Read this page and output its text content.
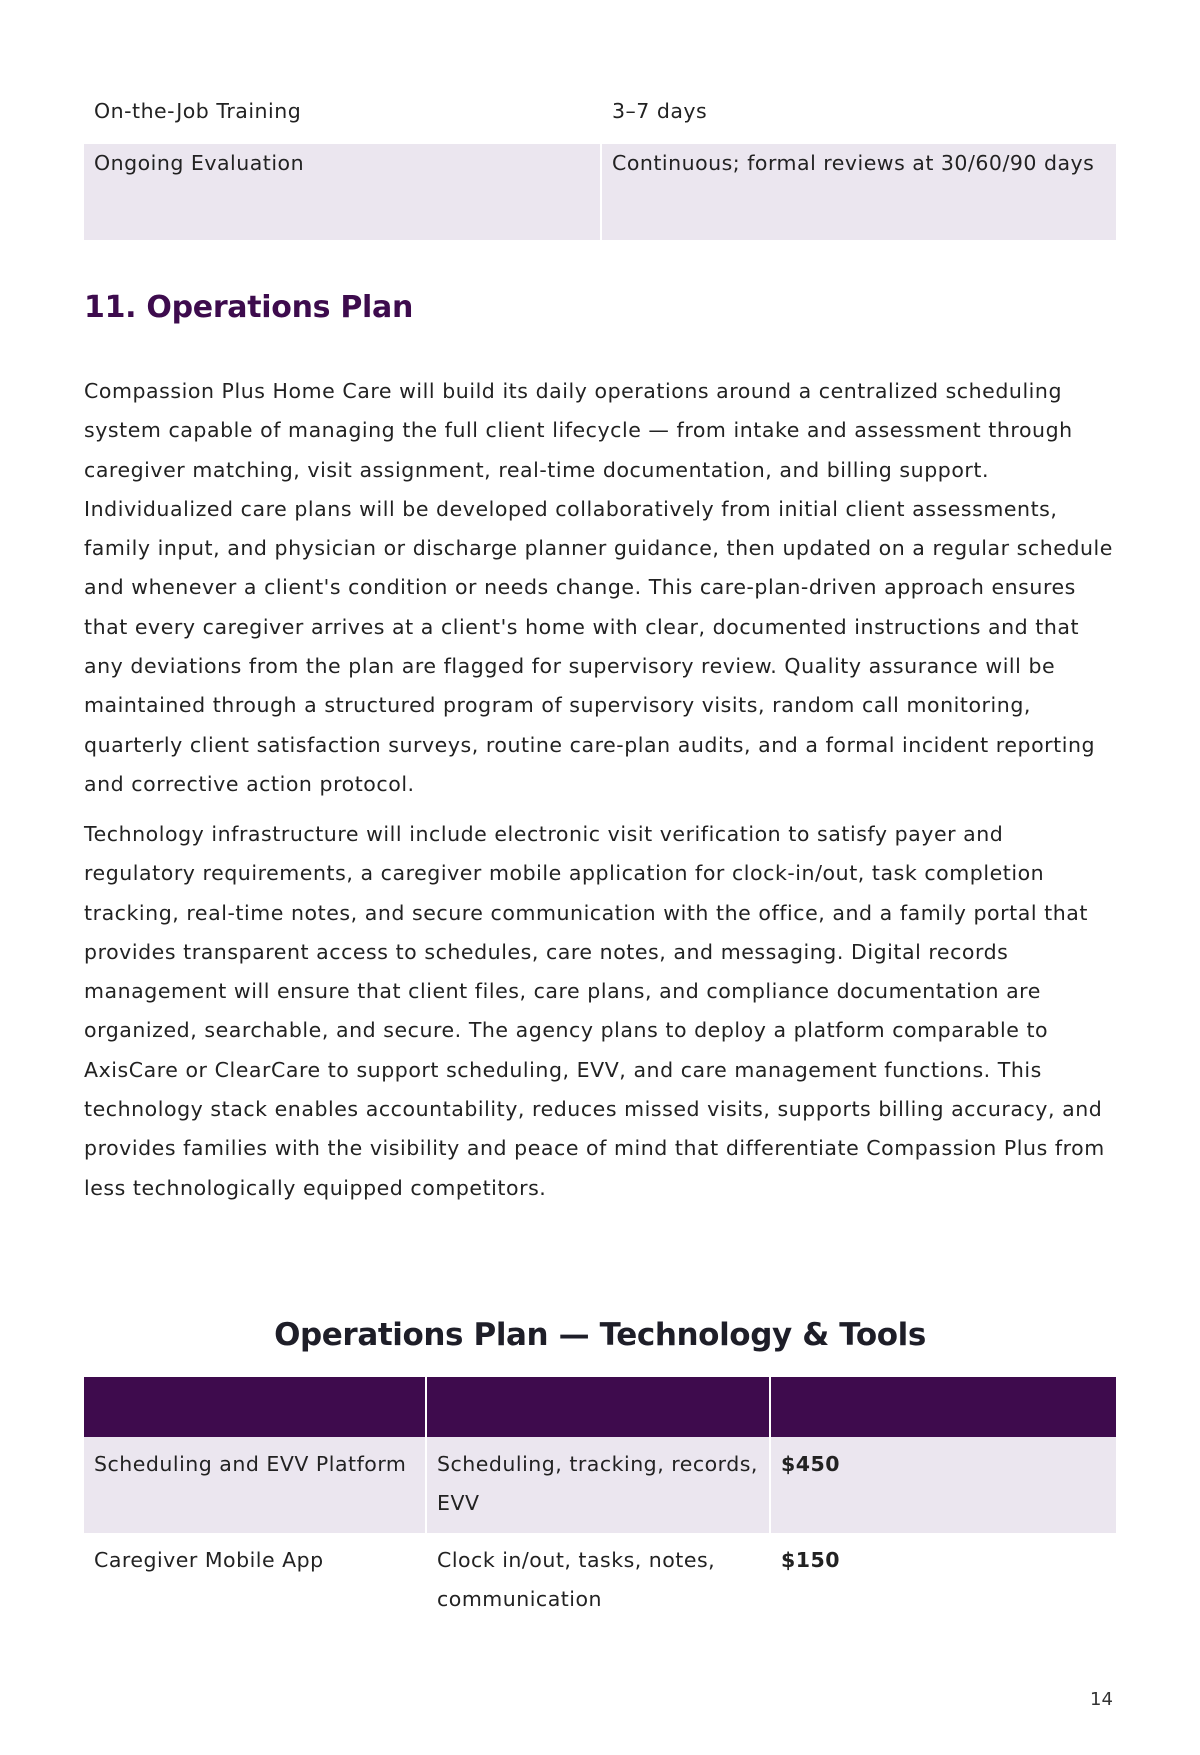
On-the-Job Training	3–7 days
Ongoing Evaluation	Continuous; formal reviews at 30/60/90 days
11. Operations Plan

Compassion Plus Home Care will build its daily operations around a centralized scheduling system capable of managing the full client lifecycle — from intake and assessment through caregiver matching, visit assignment, real-time documentation, and billing support. Individualized care plans will be developed collaboratively from initial client assessments, family input, and physician or discharge planner guidance, then updated on a regular schedule and whenever a client's condition or needs change. This care-plan-driven approach ensures that every caregiver arrives at a client's home with clear, documented instructions and that any deviations from the plan are flagged for supervisory review. Quality assurance will be maintained through a structured program of supervisory visits, random call monitoring, quarterly client satisfaction surveys, routine care-plan audits, and a formal incident reporting and corrective action protocol.

Technology infrastructure will include electronic visit verification to satisfy payer and regulatory requirements, a caregiver mobile application for clock-in/out, task completion tracking, real-time notes, and secure communication with the office, and a family portal that provides transparent access to schedules, care notes, and messaging. Digital records management will ensure that client files, care plans, and compliance documentation are organized, searchable, and secure. The agency plans to deploy a platform comparable to AxisCare or ClearCare to support scheduling, EVV, and care management functions. This technology stack enables accountability, reduces missed visits, supports billing accuracy, and provides families with the visibility and peace of mind that differentiate Compassion Plus from less technologically equipped competitors.

Operations Plan — Technology & Tools

Scheduling and EVV Platform	Scheduling, tracking, records, EVV	$450
Caregiver Mobile App	Clock in/out, tasks, notes, communication	$150
14
